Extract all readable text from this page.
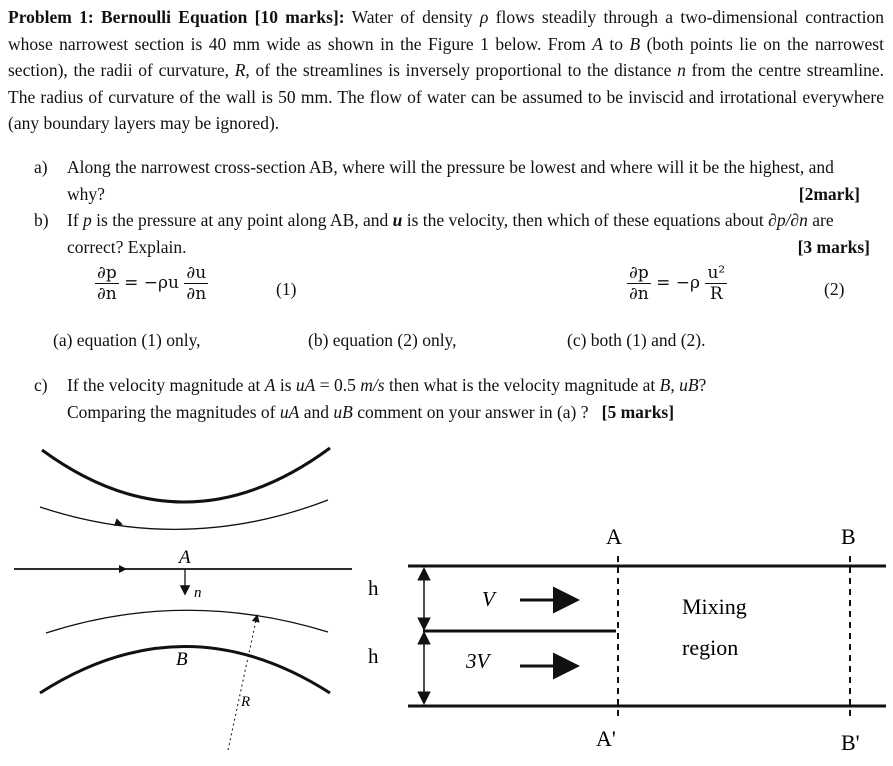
Problem 1: Bernoulli Equation [10 marks]: Water of density ρ flows steadily through a two-dimensional contraction whose narrowest section is 40 mm wide as shown in the Figure 1 below. From A to B (both points lie on the narrowest section), the radii of curvature, R, of the streamlines is inversely proportional to the distance n from the centre streamline. The radius of curvature of the wall is 50 mm. The flow of water can be assumed to be inviscid and irrotational everywhere (any boundary layers may be ignored).
a) Along the narrowest cross-section AB, where will the pressure be lowest and where will it be the highest, and why?	[2mark]
b) If p is the pressure at any point along AB, and u is the velocity, then which of these equations about ∂p/∂n are correct? Explain.	[3 marks]
$\frac{\partial p}{\partial n} = -\rho u \frac{\partial u}{\partial n}$	(1)	$\frac{\partial p}{\partial n} = -\rho \frac{\text{u²}}{R}$	(2)
(a) equation (1) only,	(b) equation (2) only,	(c) both (1) and (2).
c) If the velocity magnitude at A is uA = 0.5 m/s then what is the velocity magnitude at B, uB?
Comparing the magnitudes of uA and uB comment on your answer in (a) ? [5 marks]
A
n
B
R
h
h
V
3V
A
A'
B
B'
Mixing
region
